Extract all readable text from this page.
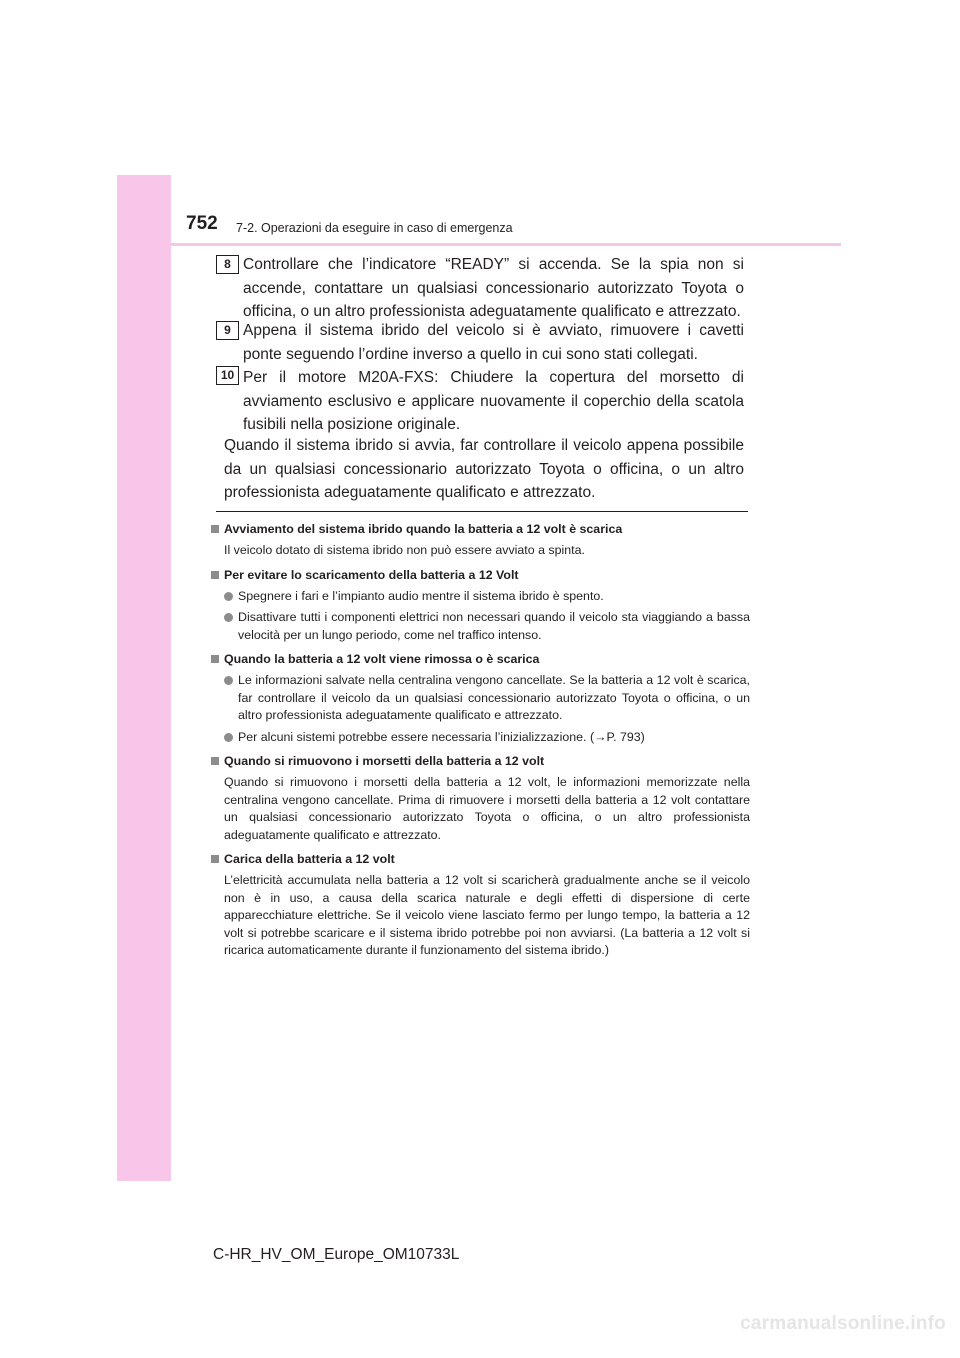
752 7-2. Operazioni da eseguire in caso di emergenza
8 Controllare che l’indicatore “READY” si accenda. Se la spia non si accende, contattare un qualsiasi concessionario autorizzato Toyota o officina, o un altro professionista adeguatamente qualificato e attrezzato.
9 Appena il sistema ibrido del veicolo si è avviato, rimuovere i cavetti ponte seguendo l’ordine inverso a quello in cui sono stati collegati.
10 Per il motore M20A-FXS: Chiudere la copertura del morsetto di avviamento esclusivo e applicare nuovamente il coperchio della scatola fusibili nella posizione originale.
Quando il sistema ibrido si avvia, far controllare il veicolo appena possibile da un qualsiasi concessionario autorizzato Toyota o officina, o un altro professionista adeguatamente qualificato e attrezzato.
Avviamento del sistema ibrido quando la batteria a 12 volt è scarica
Il veicolo dotato di sistema ibrido non può essere avviato a spinta.
Per evitare lo scaricamento della batteria a 12 Volt
Spegnere i fari e l’impianto audio mentre il sistema ibrido è spento.
Disattivare tutti i componenti elettrici non necessari quando il veicolo sta viaggiando a bassa velocità per un lungo periodo, come nel traffico intenso.
Quando la batteria a 12 volt viene rimossa o è scarica
Le informazioni salvate nella centralina vengono cancellate. Se la batteria a 12 volt è scarica, far controllare il veicolo da un qualsiasi concessionario autorizzato Toyota o officina, o un altro professionista adeguatamente qualificato e attrezzato.
Per alcuni sistemi potrebbe essere necessaria l’inizializzazione. (→P. 793)
Quando si rimuovono i morsetti della batteria a 12 volt
Quando si rimuovono i morsetti della batteria a 12 volt, le informazioni memorizzate nella centralina vengono cancellate. Prima di rimuovere i morsetti della batteria a 12 volt contattare un qualsiasi concessionario autorizzato Toyota o officina, o un altro professionista adeguatamente qualificato e attrezzato.
Carica della batteria a 12 volt
L’elettricità accumulata nella batteria a 12 volt si scaricherà gradualmente anche se il veicolo non è in uso, a causa della scarica naturale e degli effetti di dispersione di certe apparecchiature elettriche. Se il veicolo viene lasciato fermo per lungo tempo, la batteria a 12 volt si potrebbe scaricare e il sistema ibrido potrebbe poi non avviarsi. (La batteria a 12 volt si ricarica automaticamente durante il funzionamento del sistema ibrido.)
C-HR_HV_OM_Europe_OM10733L
carmanualsonline.info
